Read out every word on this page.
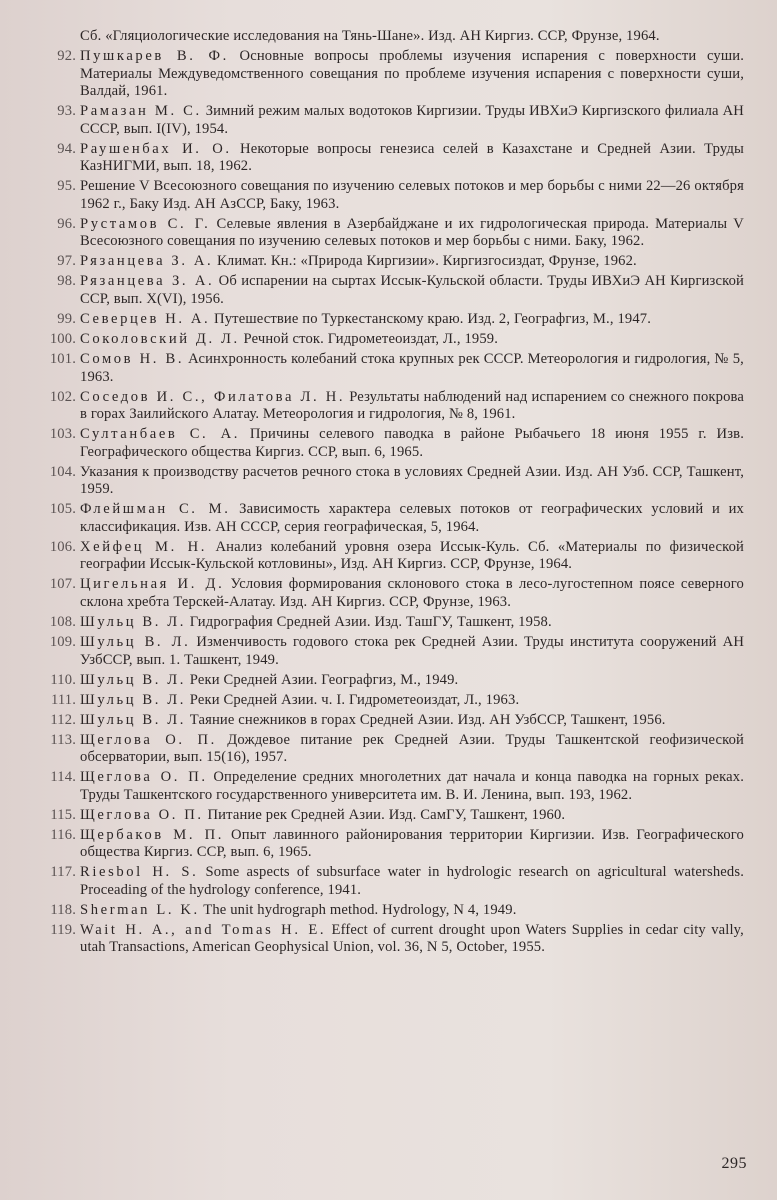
Сб. «Гляциологические исследования на Тянь-Шане». Изд. АН Киргиз. ССР, Фрунзе, 1964.
92. Пушкарев В. Ф. Основные вопросы проблемы изучения испарения с поверхности суши. Материалы Междуведомственного совещания по проблеме изучения испарения с поверхности суши, Валдай, 1961.
93. Рамазан М. С. Зимний режим малых водотоков Киргизии. Труды ИВХиЭ Киргизского филиала АН СССР, вып. I(IV), 1954.
94. Раушенбах И. О. Некоторые вопросы генезиса селей в Казахстане и Средней Азии. Труды КазНИГМИ, вып. 18, 1962.
95. Решение V Всесоюзного совещания по изучению селевых потоков и мер борьбы с ними 22—26 октября 1962 г., Баку Изд. АН АзССР, Баку, 1963.
96. Рустамов С. Г. Селевые явления в Азербайджане и их гидрологическая природа. Материалы V Всесоюзного совещания по изучению селевых потоков и мер борьбы с ними. Баку, 1962.
97. Рязанцева З. А. Климат. Кн.: «Природа Киргизии». Киргизгосиздат, Фрунзе, 1962.
98. Рязанцева З. А. Об испарении на сыртах Иссык-Кульской области. Труды ИВХиЭ АН Киргизской ССР, вып. X(VI), 1956.
99. Северцев Н. А. Путешествие по Туркестанскому краю. Изд. 2, Географгиз, М., 1947.
100. Соколовский Д. Л. Речной сток. Гидрометеоиздат, Л., 1959.
101. Сомов Н. В. Асинхронность колебаний стока крупных рек СССР. Метеорология и гидрология, № 5, 1963.
102. Соседов И. С., Филатова Л. Н. Результаты наблюдений над испарением со снежного покрова в горах Заилийского Алатау. Метеорология и гидрология, № 8, 1961.
103. Султанбаев С. А. Причины селевого паводка в районе Рыбачьего 18 июня 1955 г. Изв. Географического общества Киргиз. ССР, вып. 6, 1965.
104. Указания к производству расчетов речного стока в условиях Средней Азии. Изд. АН Узб. ССР, Ташкент, 1959.
105. Флейшман С. М. Зависимость характера селевых потоков от географических условий и их классификация. Изв. АН СССР, серия географическая, 5, 1964.
106. Хейфец М. Н. Анализ колебаний уровня озера Иссык-Куль. Сб. «Материалы по физической географии Иссык-Кульской котловины», Изд. АН Киргиз. ССР, Фрунзе, 1964.
107. Цигельная И. Д. Условия формирования склонового стока в лесо-лугостепном поясе северного склона хребта Терскей-Алатау. Изд. АН Киргиз. ССР, Фрунзе, 1963.
108. Шульц В. Л. Гидрография Средней Азии. Изд. ТашГУ, Ташкент, 1958.
109. Шульц В. Л. Изменчивость годового стока рек Средней Азии. Труды института сооружений АН УзбССР, вып. 1. Ташкент, 1949.
110. Шульц В. Л. Реки Средней Азии. Географгиз, М., 1949.
111. Шульц В. Л. Реки Средней Азии. ч. I. Гидрометеоиздат, Л., 1963.
112. Шульц В. Л. Таяние снежников в горах Средней Азии. Изд. АН УзбССР, Ташкент, 1956.
113. Щеглова О. П. Дождевое питание рек Средней Азии. Труды Ташкентской геофизической обсерватории, вып. 15(16), 1957.
114. Щеглова О. П. Определение средних многолетних дат начала и конца паводка на горных реках. Труды Ташкентского государственного университета им. В. И. Ленина, вып. 193, 1962.
115. Щеглова О. П. Питание рек Средней Азии. Изд. СамГУ, Ташкент, 1960.
116. Щербаков М. П. Опыт лавинного районирования территории Киргизии. Изв. Географического общества Киргиз. ССР, вып. 6, 1965.
117. Riesbol H. S. Some aspects of subsurface water in hydrologic research on agricultural watersheds. Proceading of the hydrology conference, 1941.
118. Sherman L. K. The unit hydrograph method. Hydrology, N 4, 1949.
119. Wait H. A., and Tomas H. E. Effect of current drought upon Waters Supplies in cedar city vally, utah Transactions, American Geophysical Union, vol. 36, N 5, October, 1955.
295
